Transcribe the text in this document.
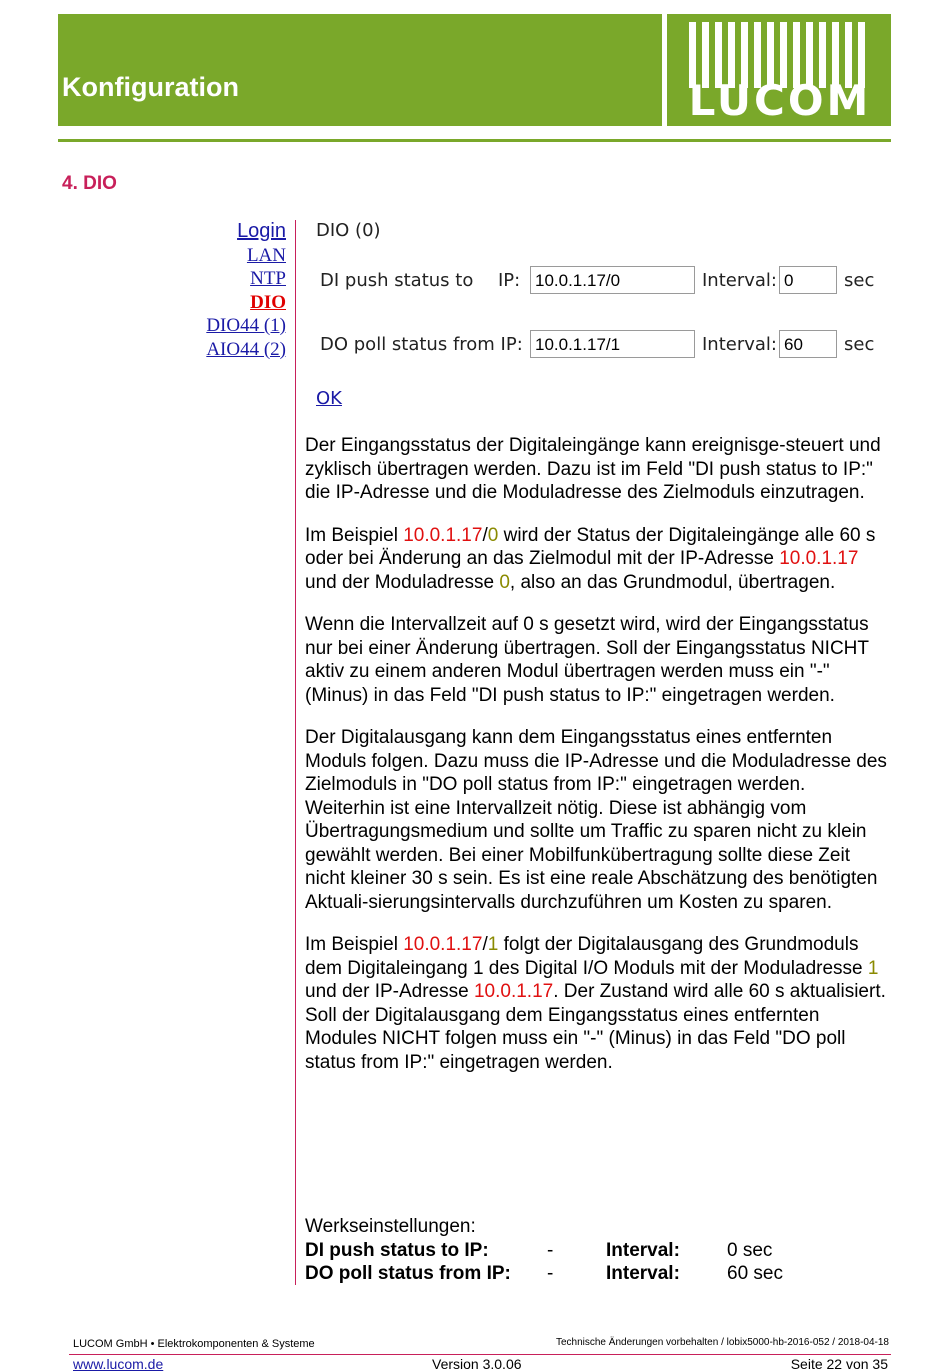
Konfiguration	LUCOM
4. DIO
Login
LAN
NTP
DIO
DIO44 (1)
AIO44 (2)
DIO (0)
DI push status to IP: 10.0.1.17/0	Interval: 0	sec
DO poll status from IP: 10.0.1.17/1	Interval: 60	sec
OK

Der Eingangsstatus der Digitaleingänge kann ereignisge-steuert und zyklisch übertragen werden. Dazu ist im Feld "DI push status to IP:" die IP-Adresse und die Moduladresse des Zielmoduls einzutragen.

Im Beispiel 10.0.1.17/0 wird der Status der Digitaleingänge alle 60 s oder bei Änderung an das Zielmodul mit der IP-Adresse 10.0.1.17 und der Moduladresse 0, also an das Grundmodul, übertragen.

Wenn die Intervallzeit auf 0 s gesetzt wird, wird der Eingangsstatus nur bei einer Änderung übertragen. Soll der Eingangsstatus NICHT aktiv zu einem anderen Modul übertragen werden muss ein "-" (Minus) in das Feld "DI push status to IP:" eingetragen werden.

Der Digitalausgang kann dem Eingangsstatus eines entfernten Moduls folgen. Dazu muss die IP-Adresse und die Moduladresse des Zielmoduls in "DO poll status from IP:" eingetragen werden. Weiterhin ist eine Intervallzeit nötig. Diese ist abhängig vom Übertragungsmedium und sollte um Traffic zu sparen nicht zu klein gewählt werden. Bei einer Mobilfunkübertragung sollte diese Zeit nicht kleiner 30 s sein. Es ist eine reale Abschätzung des benötigten Aktuali-sierungsintervalls durchzuführen um Kosten zu sparen.

Im Beispiel 10.0.1.17/1 folgt der Digitalausgang des Grundmoduls dem Digitaleingang 1 des Digital I/O Moduls mit der Moduladresse 1 und der IP-Adresse 10.0.1.17. Der Zustand wird alle 60 s aktualisiert. Soll der Digitalausgang dem Eingangsstatus eines entfernten Modules NICHT folgen muss ein "-" (Minus) in das Feld "DO poll status from IP:" eingetragen werden.

Werkseinstellungen:
DI push status to IP:	-	Interval: 0 sec
DO poll status from IP: -	Interval: 60 sec
LUCOM GmbH • Elektrokomponenten & Systeme	Technische Änderungen vorbehalten / lobix5000-hb-2016-052 / 2018-04-18
www.lucom.de	Version 3.0.06	Seite 22 von 35
